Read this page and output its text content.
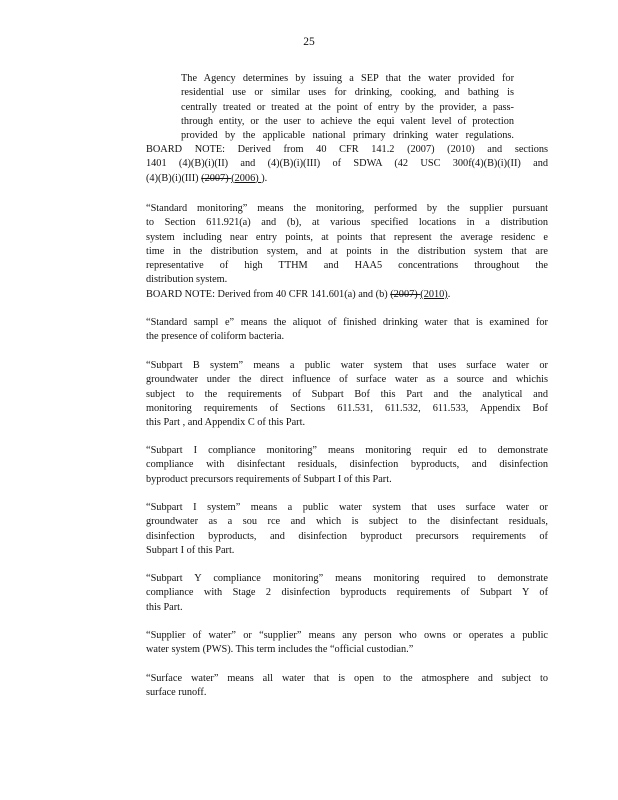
25
The Agency determines by issuing a SEP that the water provided for
residential use or similar uses for drinking, cooking, and bathing is
centrally treated or treated at the point of entry by the provider, a pass-
through entity, or the user to achieve the equi valent level of protection
provided by the applicable national primary drinking water regulations.
BOARD NOTE: Derived from 40 CFR 141.2 (2007) (2010) and sections
1401 (4)(B)(i)(II) and (4)(B)(i)(III) of SDWA (42 USC 300f(4)(B)(i)(II) and
(4)(B)(i)(III) (2007) (2006) ).
“Standard monitoring” means the monitoring, performed by the supplier pursuant
to Section 611.921(a) and (b), at various specified locations in a distribution
system including near entry points, at points that represent the average residenc e
time in the distribution system, and at points in the distribution system that are
representative of high TTHM and HAA5 concentrations throughout the
distribution system.
BOARD NOTE: Derived from 40 CFR 141.601(a) and (b) (2007) (2010).
“Standard sampl e” means the aliquot of finished drinking water that is examined for
the presence of coliform bacteria.
“Subpart B system” means a public water system that uses surface water or
groundwater under the direct influence of surface water as a source and whichis
subject to the requirements of Subpart Bof this Part and the analytical and
monitoring requirements of Sections 611.531, 611.532, 611.533, Appendix Bof
this Part , and Appendix C of this Part.
“Subpart I compliance monitoring” means monitoring requir ed to demonstrate
compliance with disinfectant residuals, disinfection byproducts, and disinfection
byproduct precursors requirements of Subpart I of this Part.
“Subpart I system” means a public water system that uses surface water or
groundwater as a sou rce and which is subject to the disinfectant residuals,
disinfection byproducts, and disinfection byproduct precursors requirements of
Subpart I of this Part.
“Subpart Y compliance monitoring” means monitoring required to demonstrate
compliance with Stage 2 disinfection byproducts requirements of Subpart Y of
this Part.
“Supplier of water” or “supplier” means any person who owns or operates a public
water system (PWS). This term includes the “official custodian.”
“Surface water” means all water that is open to the atmosphere and subject to
surface runoff.
